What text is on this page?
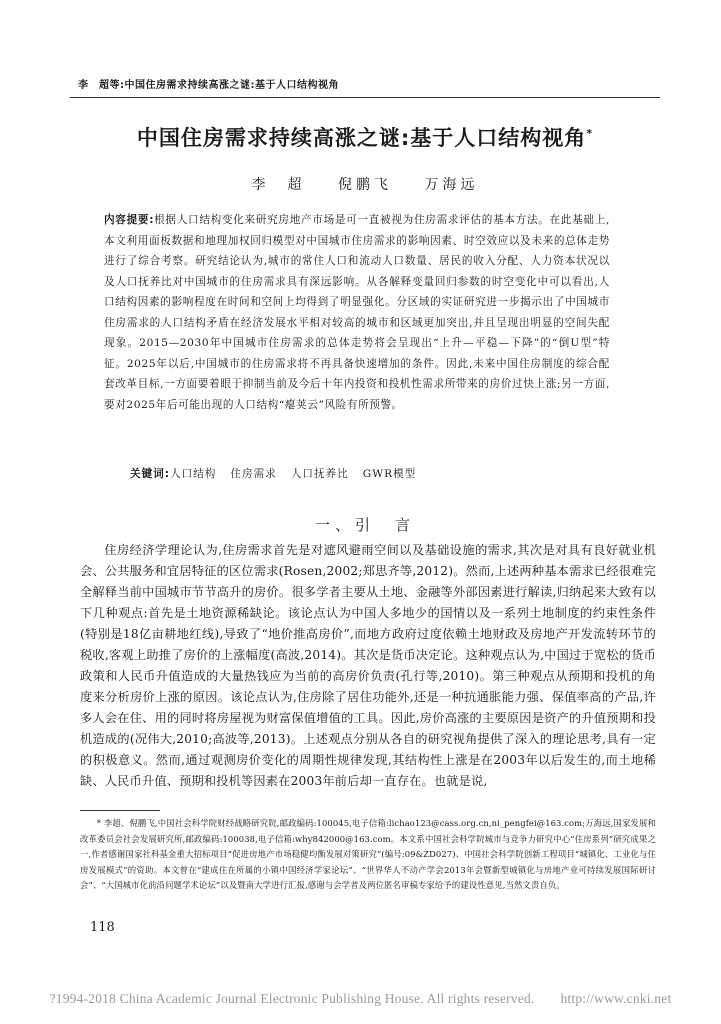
李　超等:中国住房需求持续高涨之谜:基于人口结构视角
中国住房需求持续高涨之谜:基于人口结构视角*
李　超 倪鹏飞 万海远
内容提要:根据人口结构变化来研究房地产市场是可一直被视为住房需求评估的基本方法。在此基础上,本文利用面板数据和地理加权回归模型对中国城市住房需求的影响因素、时空效应以及未来的总体走势进行了综合考察。研究结论认为,城市的常住人口和流动人口数量、居民的收入分配、人力资本状况以及人口抚养比对中国城市的住房需求具有深远影响。从各解释变量回归参数的时空变化中可以看出,人口结构因素的影响程度在时间和空间上均得到了明显强化。分区域的实证研究进一步揭示出了中国城市住房需求的人口结构矛盾在经济发展水平相对较高的城市和区域更加突出,并且呈现出明显的空间失配现象。2015—2030年中国城市住房需求的总体走势将会呈现出“上升—平稳—下降”的“倒U型”特征。2025年以后,中国城市的住房需求将不再具备快速增加的条件。因此,未来中国住房制度的综合配套改革目标,一方面要着眼于抑制当前及今后十年内投资和投机性需求所带来的房价过快上涨;另一方面,要对2025年后可能出现的人口结构“瘪荚云”风险有所预警。
关键词:人口结构 住房需求 人口抚养比 GWR模型
一、引　言
住房经济学理论认为,住房需求首先是对遮风避雨空间以及基础设施的需求,其次是对具有良好就业机会、公共服务和宜居特征的区位需求(Rosen,2002;郑思齐等,2012)。然而,上述两种基本需求已经很难完全解释当前中国城市节节高升的房价。很多学者主要从土地、金融等外部因素进行解读,归纳起来大致有以下几种观点:首先是土地资源稀缺论。该论点认为中国人多地少的国情以及一系列土地制度的约束性条件(特别是18亿亩耕地红线),导致了“地价推高房价”,而地方政府过度依赖土地财政及房地产开发流转环节的税收,客观上助推了房价的上涨幅度(高波,2014)。其次是货币决定论。这种观点认为,中国过于宽松的货币政策和人民币升值造成的大量热钱应为当前的高房价负责(孔行等,2010)。第三种观点从预期和投机的角度来分析房价上涨的原因。该论点认为,住房除了居住功能外,还是一种抗通胀能力强、保值率高的产品,许多人会在住、用的同时将房屋视为财富保值增值的工具。因此,房价高涨的主要原因是资产的升值预期和投机造成的(况伟大,2010;高波等,2013)。上述观点分别从各自的研究视角提供了深入的理论思考,具有一定的积极意义。然而,通过观测房价变化的周期性规律发现,其结构性上涨是在2003年以后发生的,而土地稀缺、人民币升值、预期和投机等因素在2003年前后却一直存在。也就是说,
* 李超、倪鹏飞,中国社会科学院财经战略研究院,邮政编码:100045,电子信箱:lichao123@cass.org.cn,ni_pengfei@163.com;万海远,国家发展和改革委员会社会发展研究所,邮政编码:100038,电子信箱:why842000@163.com。本文系中国社会科学院城市与竞争力研究中心“住房系列”研究成果之一,作者感谢国家社科基金重大招标项目“促进房地产市场稳健均衡发展对策研究”(编号:09&ZD027)、中国社会科学院创新工程项目“城镇化、工业化与住房发展模式”的资助。本文曾在“建成住在所属的小镇中国经济学家论坛”、“世界华人不动产学会2013年会暨新型城镇化与房地产业可持续发展国际研讨会”、“大国城市化前沿问题学术论坛”以及暨南大学进行汇报,感谢与会学者及两位匿名审稿专家给予的建设性意见,当然文责自负。
118
?1994-2018 China Academic Journal Electronic Publishing House. All rights reserved. http://www.cnki.net
